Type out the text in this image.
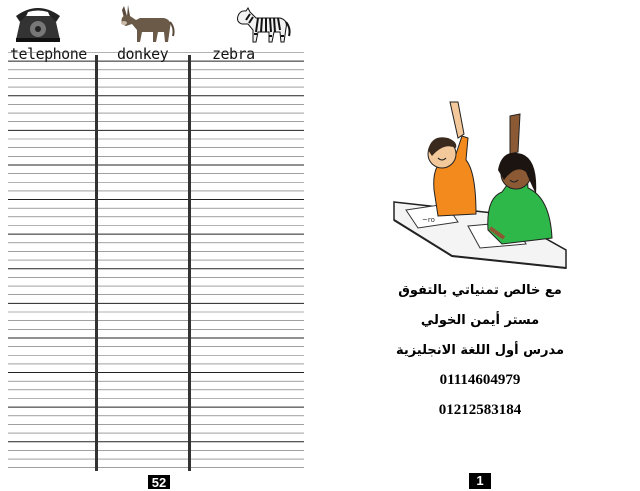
telephone donkey	zebra
52
~ro
مع خالص تمنياتي بالتفوق
مستر أيمن الخولي
مدرس أول اللغة الانجليزية
01114604979
01212583184
1
